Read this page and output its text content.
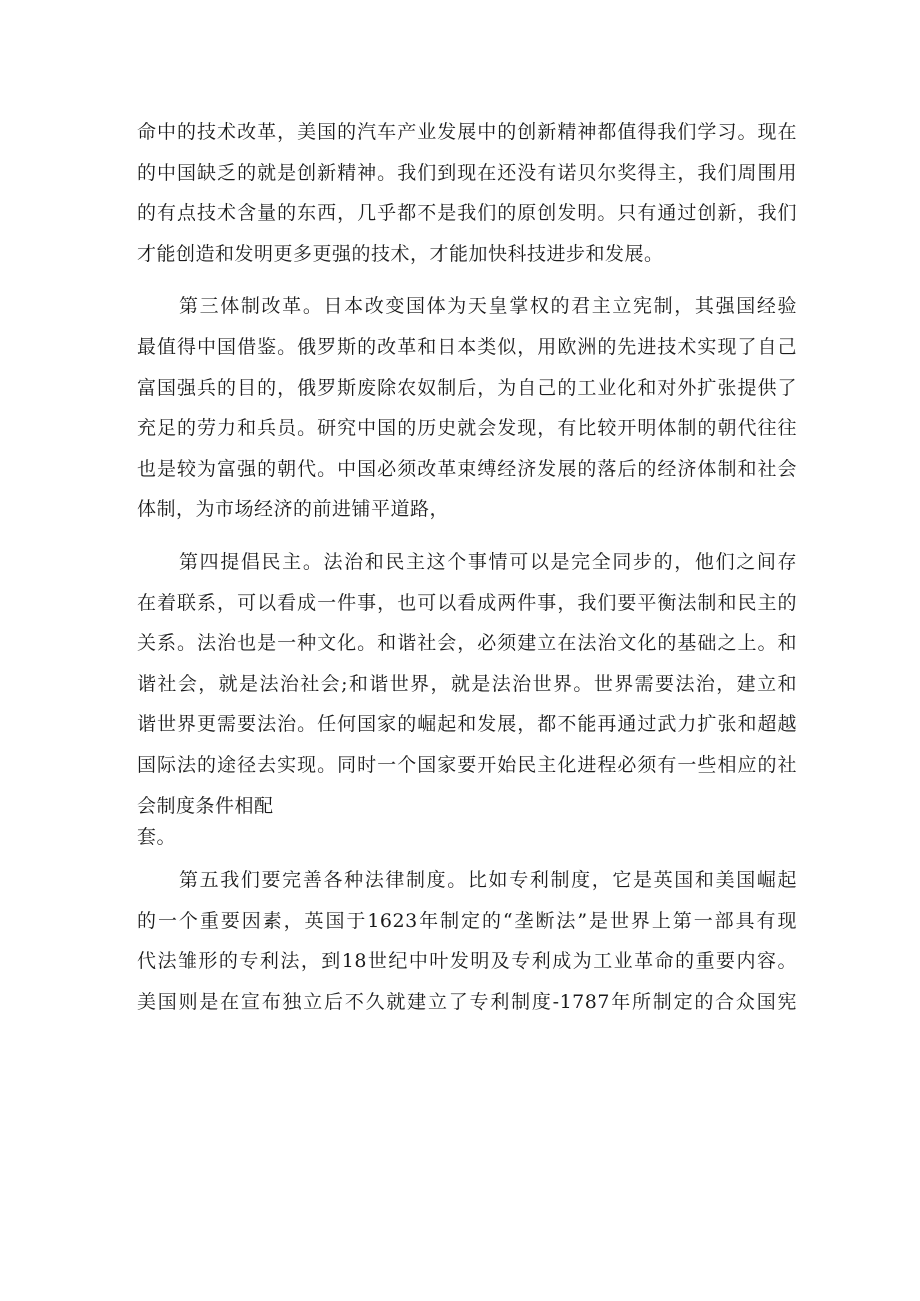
命中的技术改革，美国的汽车产业发展中的创新精神都值得我们学习。现在
的中国缺乏的就是创新精神。我们到现在还没有诺贝尔奖得主，我们周围用
的有点技术含量的东西，几乎都不是我们的原创发明。只有通过创新，我们
才能创造和发明更多更强的技术，才能加快科技进步和发展。
第三体制改革。日本改变国体为天皇掌权的君主立宪制，其强国经验
最值得中国借鉴。俄罗斯的改革和日本类似，用欧洲的先进技术实现了自己
富国强兵的目的，俄罗斯废除农奴制后，为自己的工业化和对外扩张提供了
充足的劳力和兵员。研究中国的历史就会发现，有比较开明体制的朝代往往
也是较为富强的朝代。中国必须改革束缚经济发展的落后的经济体制和社会
体制，为市场经济的前进铺平道路，
第四提倡民主。法治和民主这个事情可以是完全同步的，他们之间存
在着联系，可以看成一件事，也可以看成两件事，我们要平衡法制和民主的
关系。法治也是一种文化。和谐社会，必须建立在法治文化的基础之上。和
谐社会，就是法治社会;和谐世界，就是法治世界。世界需要法治，建立和
谐世界更需要法治。任何国家的崛起和发展，都不能再通过武力扩张和超越
国际法的途径去实现。同时一个国家要开始民主化进程必须有一些相应的社
会制度条件相配
套。
第五我们要完善各种法律制度。比如专利制度，它是英国和美国崛起
的一个重要因素，英国于1623年制定的“垄断法”是世界上第一部具有现
代法雏形的专利法，到18世纪中叶发明及专利成为工业革命的重要内容。
美国则是在宣布独立后不久就建立了专利制度-1787年所制定的合众国宪
